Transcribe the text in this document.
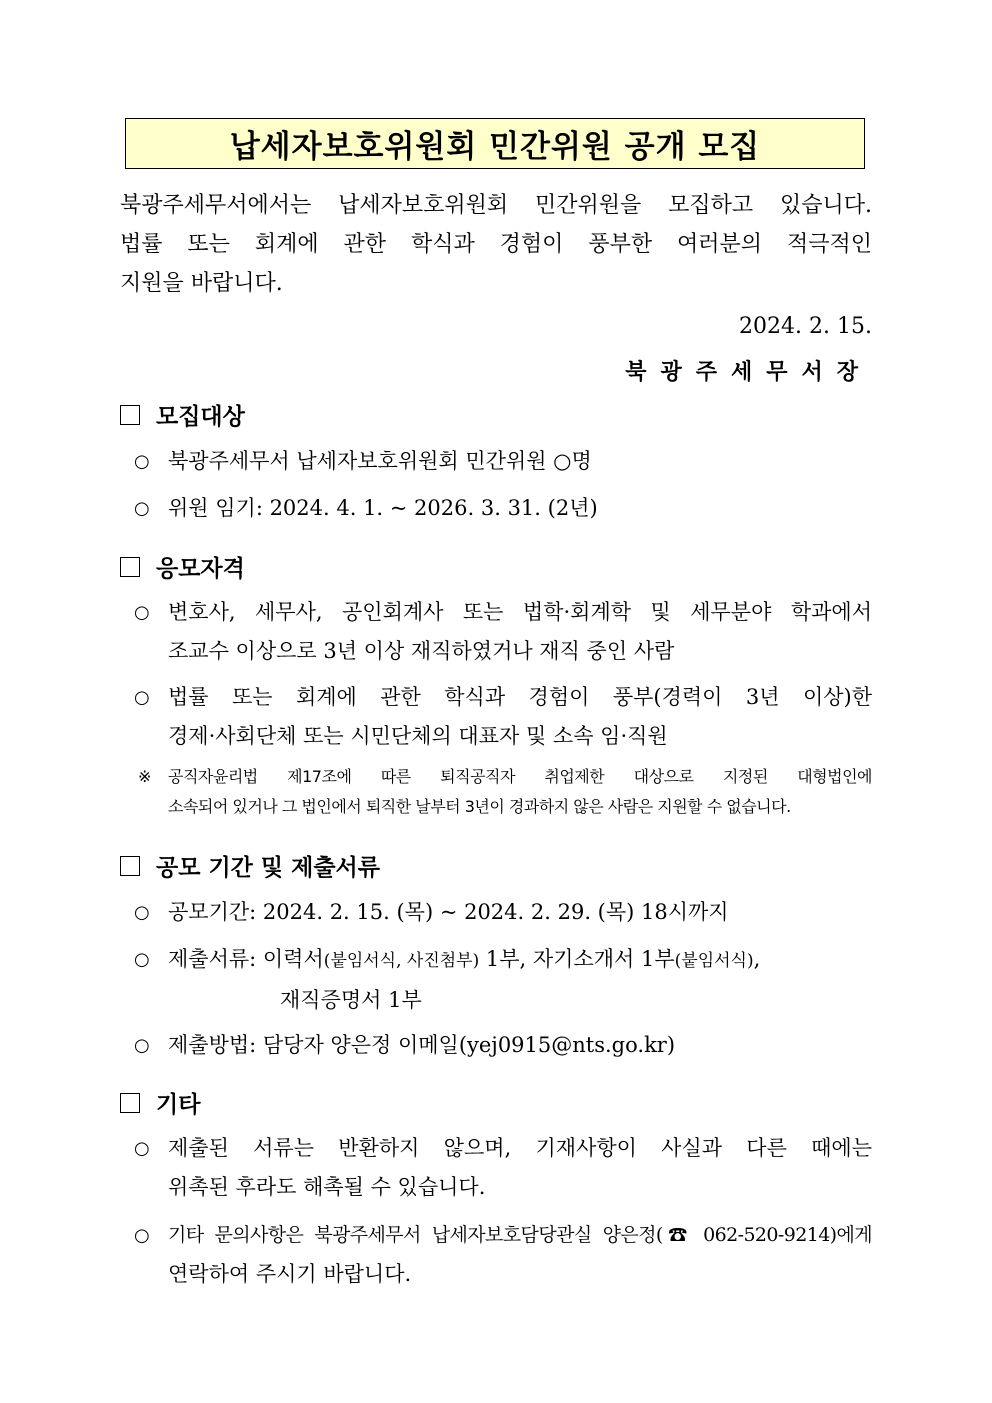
납세자보호위원회 민간위원 공개 모집
북광주세무서에서는 납세자보호위원회 민간위원을 모집하고 있습니다.
법률 또는 회계에 관한 학식과 경험이 풍부한 여러분의 적극적인
지원을 바랍니다.
2024. 2. 15.
북광주세무서장
모집대상
○ 북광주세무서 납세자보호위원회 민간위원 ○명
○ 위원 임기: 2024. 4. 1. ~ 2026. 3. 31. (2년)
응모자격
○ 변호사, 세무사, 공인회계사 또는 법학·회계학 및 세무분야 학과에서
조교수 이상으로 3년 이상 재직하였거나 재직 중인 사람
○ 법률 또는 회계에 관한 학식과 경험이 풍부(경력이 3년 이상)한
경제·사회단체 또는 시민단체의 대표자 및 소속 임·직원
※ 공직자윤리법 제17조에 따른 퇴직공직자 취업제한 대상으로 지정된 대형법인에
소속되어 있거나 그 법인에서 퇴직한 날부터 3년이 경과하지 않은 사람은 지원할 수 없습니다.
공모 기간 및 제출서류
○ 공모기간: 2024. 2. 15. (목) ~ 2024. 2. 29. (목) 18시까지
○ 제출서류: 이력서(붙임서식, 사진첨부) 1부, 자기소개서 1부(붙임서식),
재직증명서 1부
○ 제출방법: 담당자 양은정 이메일(yej0915@nts.go.kr)
기타
○ 제출된 서류는 반환하지 않으며, 기재사항이 사실과 다른 때에는
위촉된 후라도 해촉될 수 있습니다.
○ 기타 문의사항은 북광주세무서 납세자보호담당관실 양은정(☎ 062-520-9214)에게
연락하여 주시기 바랍니다.
